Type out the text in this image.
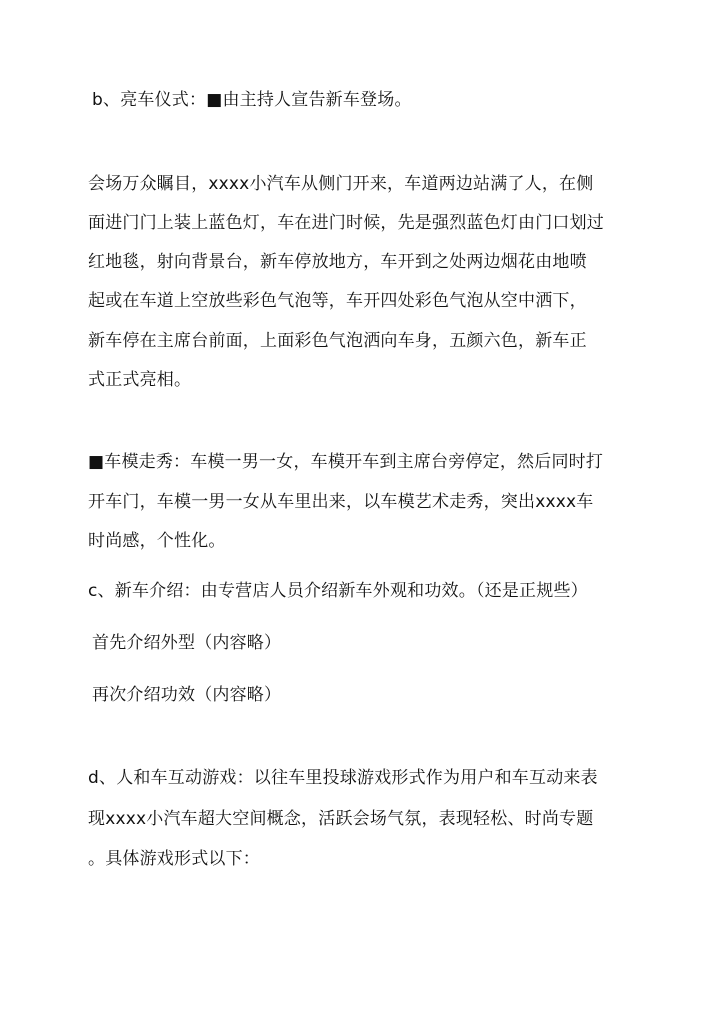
b、亮车仪式：■由主持人宣告新车登场。
会场万众瞩目，xxxx小汽车从侧门开来，车道两边站满了人，在侧
面进门门上装上蓝色灯，车在进门时候，先是强烈蓝色灯由门口划过
红地毯，射向背景台，新车停放地方，车开到之处两边烟花由地喷
起或在车道上空放些彩色气泡等，车开四处彩色气泡从空中洒下，
新车停在主席台前面，上面彩色气泡洒向车身，五颜六色，新车正
式正式亮相。
■车模走秀：车模一男一女，车模开车到主席台旁停定，然后同时打
开车门，车模一男一女从车里出来，以车模艺术走秀，突出xxxx车
时尚感，个性化。
c、新车介绍：由专营店人员介绍新车外观和功效。（还是正规些）
首先介绍外型（内容略）
再次介绍功效（内容略）
d、人和车互动游戏：以往车里投球游戏形式作为用户和车互动来表
现xxxx小汽车超大空间概念，活跃会场气氛，表现轻松、时尚专题
。具体游戏形式以下：
